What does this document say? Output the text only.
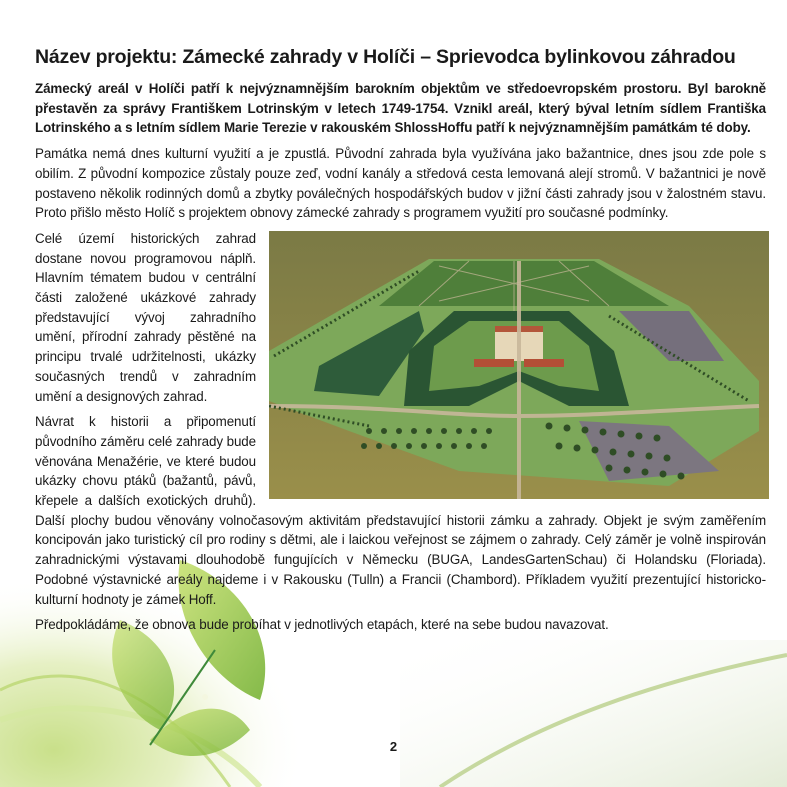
Název projektu: Zámecké zahrady v Holíči – Sprievodca bylinkovou záhradou

Zámecký areál v Holíči patří k nejvýznamnějším barokním objektům ve středoevropském prostoru. Byl barokně přestavěn za správy Františkem Lotrinským v letech 1749-1754. Vznikl areál, který býval letním sídlem Františka Lotrinského a s letním sídlem Marie Terezie v rakouském ShlossHoffu patří k nejvýznamnějším památkám té doby.

Památka nemá dnes kulturní využití a je zpustlá. Původní zahrada byla využívána jako bažantnice, dnes jsou zde pole s obilím. Z původní kompozice zůstaly pouze zeď, vodní kanály a středová cesta lemovaná alejí stromů. V bažantnici je nově postaveno několik rodinných domů a zbytky poválečných hospodářských budov v jižní části zahrady jsou v žalostném stavu. Proto přišlo město Holíč s projektem obnovy zámecké zahrady s programem využití pro současné podmínky.

Celé území historických zahrad dostane novou programovou náplň. Hlavním tématem budou v centrální části založené ukázkové zahrady představující vývoj zahradního umění, přírodní zahrady pěstěné na principu trvalé udržitelnosti, ukázky současných trendů v zahradním umění a designových zahrad.

Návrat k historii a připomenutí původního záměru celé zahrady bude věnována Menažérie, ve které budou ukázky chovu ptáků (bažantů, pávů, křepele a dalších exotických druhů). Další plochy budou věnovány volnočasovým aktivitám představující historii zámku a zahrady. Objekt je svým zaměřením koncipován jako turistický cíl pro rodiny s dětmi, ale i laickou veřejnost se zájmem o zahrady. Celý záměr je volně inspirován zahradnickými výstavami dlouhodobě fungujících v Německu (BUGA, LandesGartenSchau) či Holandsku (Floriada). Podobné výstavnické areály najdeme i v Rakousku (Tulln) a Francii (Chambord). Příkladem využití prezentující historicko-kulturní hodnoty je zámek Hoff.

Předpokládáme, že obnova bude probíhat v jednotlivých etapách, které na sebe budou navazovat.

2
